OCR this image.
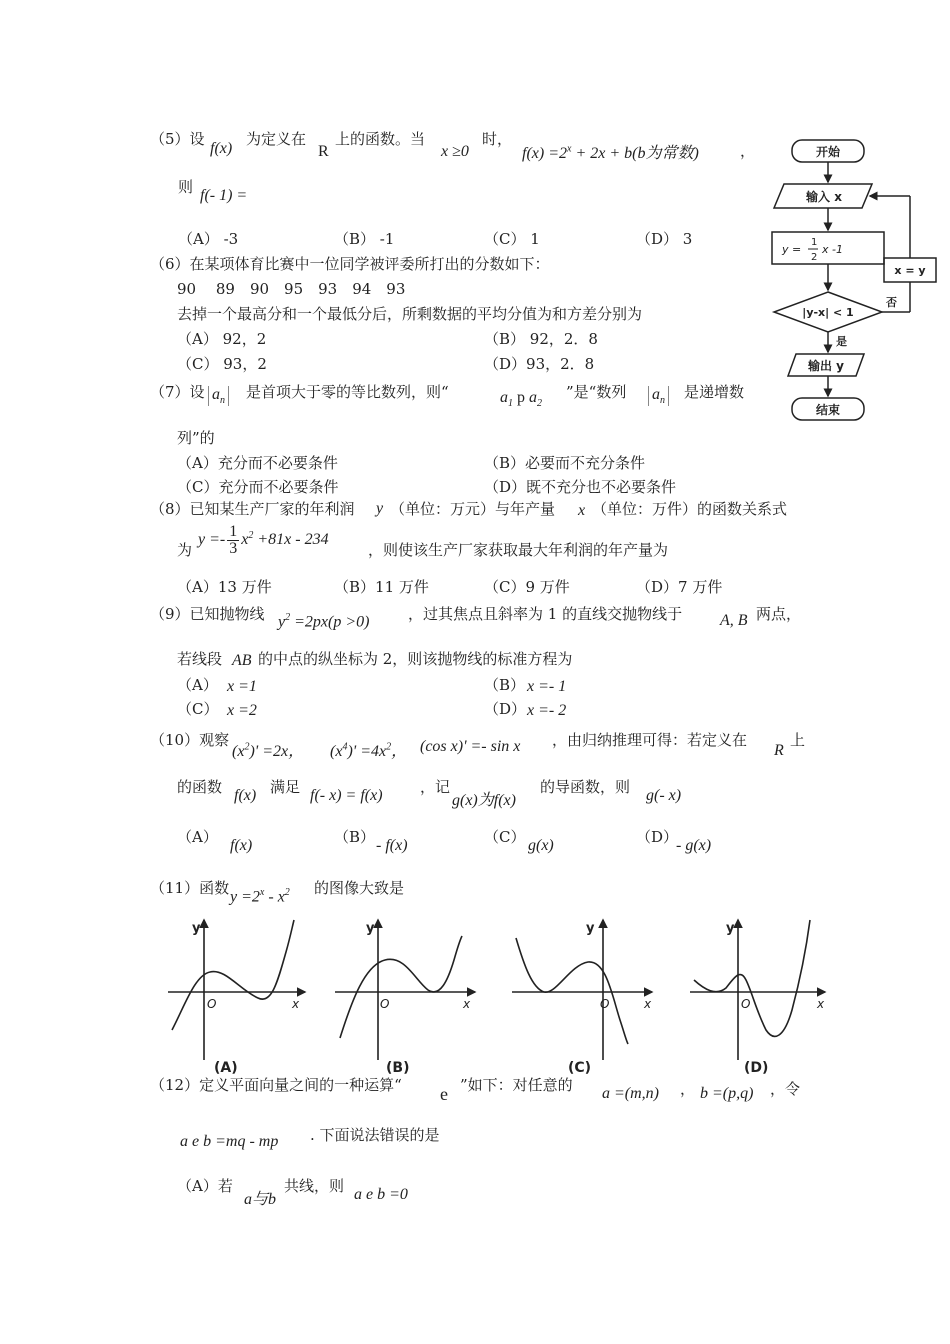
（5）设
f(x)
为定义在
R
上的函数。当
x ≥0
时，
$f(x) =2^x + 2x + b(b$为常数)	，
则 f(- 1) =
（A） -3	（B） -1	（C） 1	（D） 3
（6）在某项体育比赛中一位同学被评委所打出的分数如下：
90　 89　90　95　93　94　93
去掉一个最高分和一个最低分后，所剩数据的平均分值为和方差分别为
（A） 92，2	（B） 92，2．8
（C） 93，2	（D）93，2．8
（7）设 $a_n$ 是首项大于零的等比数列，则“	$a_1$ p $a_2$
”是“数列 $a_n$ 是递增数
列”的
（A）充分而不必要条件	（B）必要而不充分条件
（C）充分而不必要条件	（D）既不充分也不必要条件
（8）已知某生产厂家的年利润 y （单位：万元）与年产量 x （单位：万件）的函数关系式
为
$y =- \frac{1}{3} x^2 +81x - 234$
，则使该生产厂家获取最大年利润的年产量为
（A）13 万件	（B）11 万件	（C）9 万件	（D）7 万件
（9）已知抛物线 $y^2 =2px(p >0)$	，过其焦点且斜率为 1 的直线交抛物线于 A, B 两点，
若线段 AB 的中点的纵坐标为 2，则该抛物线的标准方程为
（A） x =1	（B） x =- 1
（C） x =2	（D） x =- 2
（10）观察
$(x^2)' =2x$， $(x^4)' =4x^2$， (cos x)' =- sin x ，由归纳推理可得：若定义在
R
上
的函数 f(x) 满足 f(- x) = f(x) ，记
g(x)为f(x)
的导函数，则 g(- x)
（A） f(x)	（B） - f(x)	（C） g(x)	（D）
- g(x)
（11）函数 $y =2^x - x^2$ 的图像大致是
y
x
O
(A)
y
x
O
(B)
y
x
O
(C)
y
x
O
(D)
（12）定义平面向量之间的一种运算“ e ”如下：对任意的 a =(m,n) ， b =(p,q) ，令
a e b =mq - mp . 下面说法错误的是
（A）若
a与b
共线，则 a e b =0
开始
输入 x
y =
1
2
x -1
|y-x| < 1
是
否
x = y
输出 y
结束
